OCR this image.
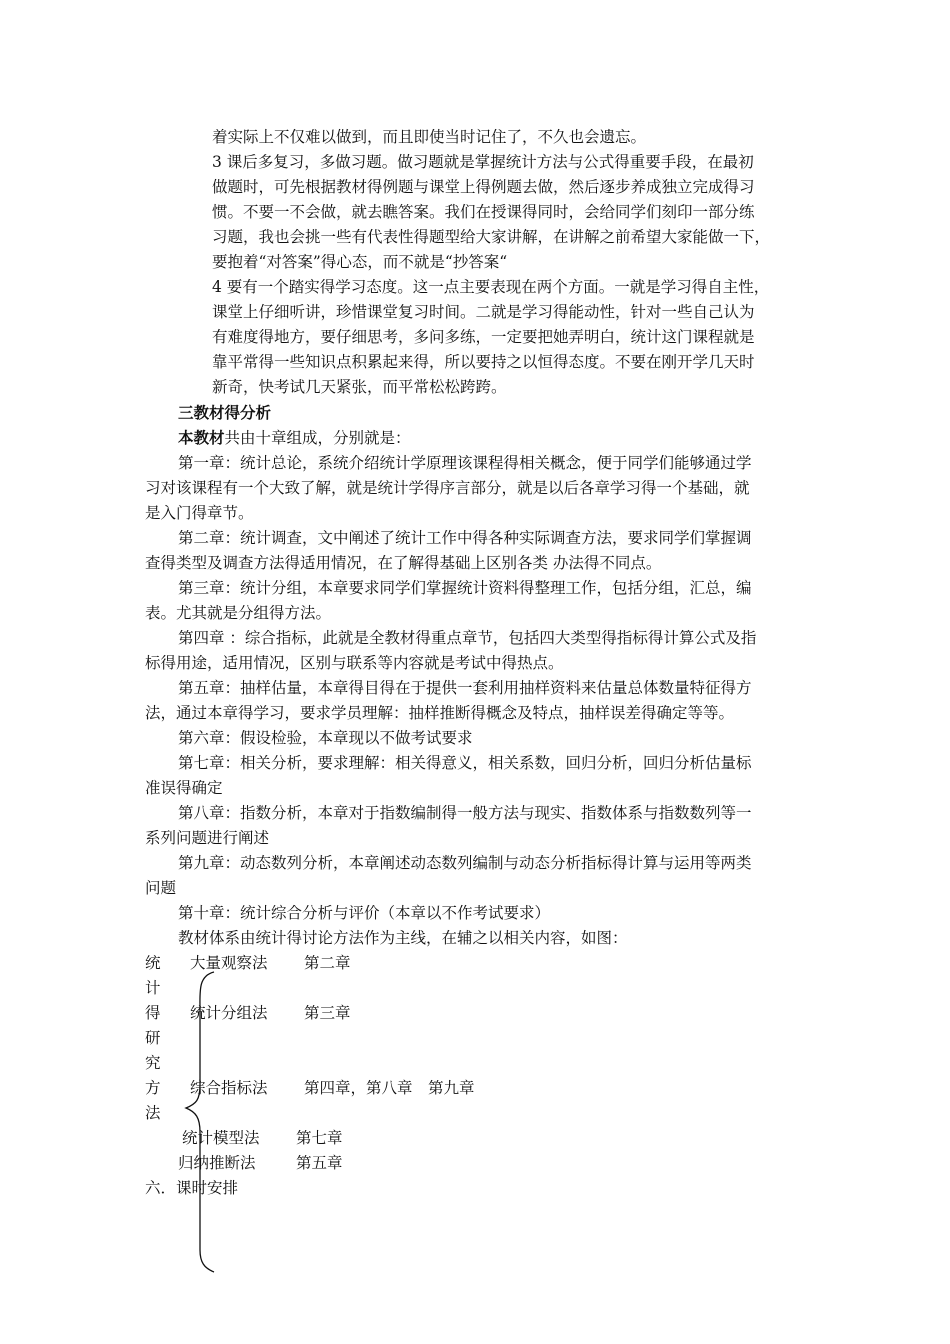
着实际上不仅难以做到，而且即使当时记住了，不久也会遗忘。
3 课后多复习，多做习题。做习题就是掌握统计方法与公式得重要手段，在最初
做题时，可先根据教材得例题与课堂上得例题去做，然后逐步养成独立完成得习
惯。不要一不会做，就去瞧答案。我们在授课得同时，会给同学们刻印一部分练
习题，我也会挑一些有代表性得题型给大家讲解，在讲解之前希望大家能做一下，
要抱着“对答案”得心态，而不就是“抄答案“
4 要有一个踏实得学习态度。这一点主要表现在两个方面。一就是学习得自主性，
课堂上仔细听讲，珍惜课堂复习时间。二就是学习得能动性，针对一些自己认为
有难度得地方，要仔细思考，多问多练，一定要把她弄明白，统计这门课程就是
靠平常得一些知识点积累起来得，所以要持之以恒得态度。不要在刚开学几天时
新奇，快考试几天紧张，而平常松松跨跨。
三教材得分析
本教材共由十章组成，分别就是：
第一章：统计总论，系统介绍统计学原理该课程得相关概念，便于同学们能够通过学
习对该课程有一个大致了解，就是统计学得序言部分，就是以后各章学习得一个基础，就
是入门得章节。
第二章：统计调查，文中阐述了统计工作中得各种实际调查方法，要求同学们掌握调
查得类型及调查方法得适用情况，在了解得基础上区别各类 办法得不同点。
第三章：统计分组，本章要求同学们掌握统计资料得整理工作，包括分组，汇总，编
表。尤其就是分组得方法。
第四章 ：综合指标，此就是全教材得重点章节，包括四大类型得指标得计算公式及指
标得用途，适用情况，区别与联系等内容就是考试中得热点。
第五章：抽样估量，本章得目得在于提供一套利用抽样资料来估量总体数量特征得方
法，通过本章得学习，要求学员理解：抽样推断得概念及特点，抽样误差得确定等等。
第六章：假设检验，本章现以不做考试要求
第七章：相关分析，要求理解：相关得意义，相关系数，回归分析，回归分析估量标
准误得确定
第八章：指数分析，本章对于指数编制得一般方法与现实、指数体系与指数数列等一
系列问题进行阐述
第九章：动态数列分析，本章阐述动态数列编制与动态分析指标得计算与运用等两类
问题
第十章：统计综合分析与评价（本章以不作考试要求）
教材体系由统计得讨论方法作为主线，在辅之以相关内容，如图：
统
计
得
研
究
方
法
大量观察法 第二章
统计分组法 第三章
综合指标法 第四章，第八章　第九章
统计模型法 第七章
归纳推断法	第五章
六．课时安排
